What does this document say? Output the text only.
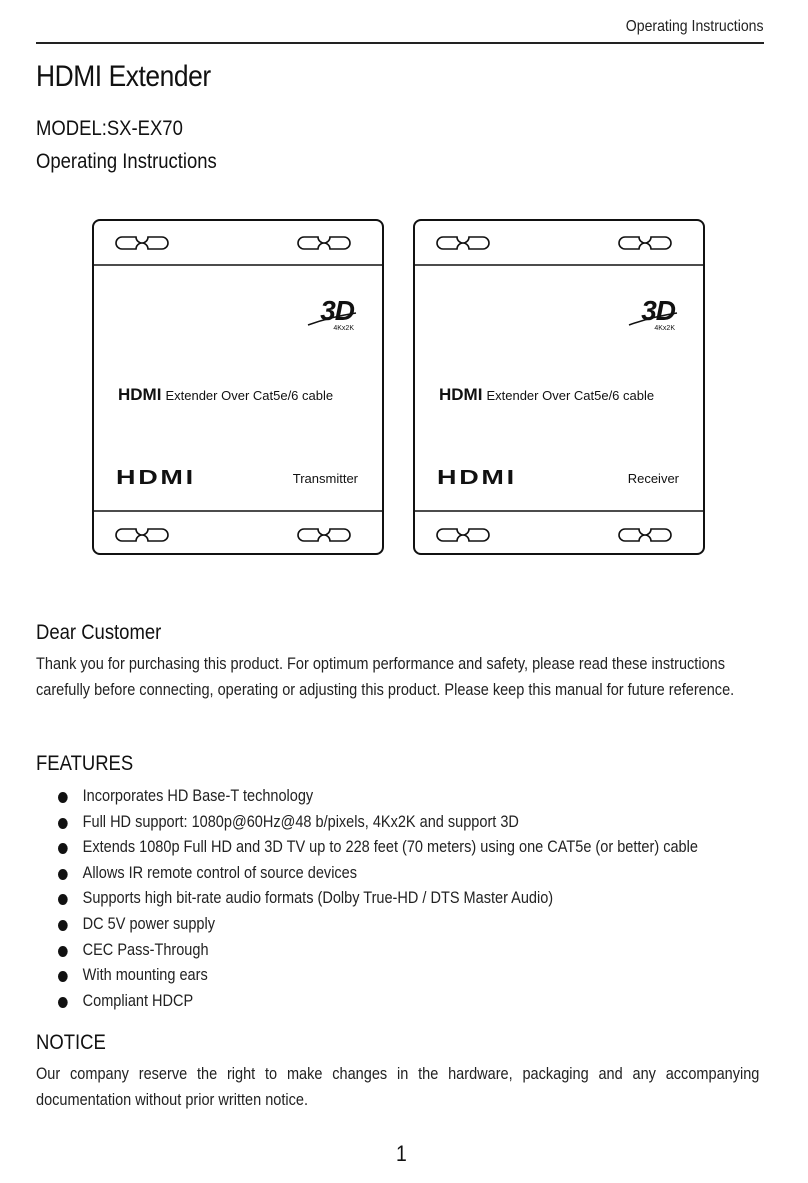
Operating Instructions
HDMI Extender
MODEL:SX-EX70
Operating Instructions
3D
4Kx2K
HDMI Extender Over Cat5e/6 cable
HDMI	Transmitter
3D
4Kx2K
HDMI Extender Over Cat5e/6 cable
HDMI	Receiver
Dear Customer
Thank you for purchasing this product. For optimum performance and safety, please read these instructions carefully before connecting, operating or adjusting this product. Please keep this manual for future reference.
FEATURES
Incorporates HD Base-T technology
Full HD support: 1080p@60Hz@48 b/pixels, 4Kx2K and support 3D
Extends 1080p Full HD and 3D TV up to 228 feet (70 meters) using one CAT5e (or better) cable
Allows IR remote control of source devices
Supports high bit-rate audio formats (Dolby True-HD / DTS Master Audio)
DC 5V power supply
CEC Pass-Through
With mounting ears
Compliant HDCP
NOTICE
Our company reserve the right to make changes in the hardware, packaging and any accompanying documentation without prior written notice.
1
